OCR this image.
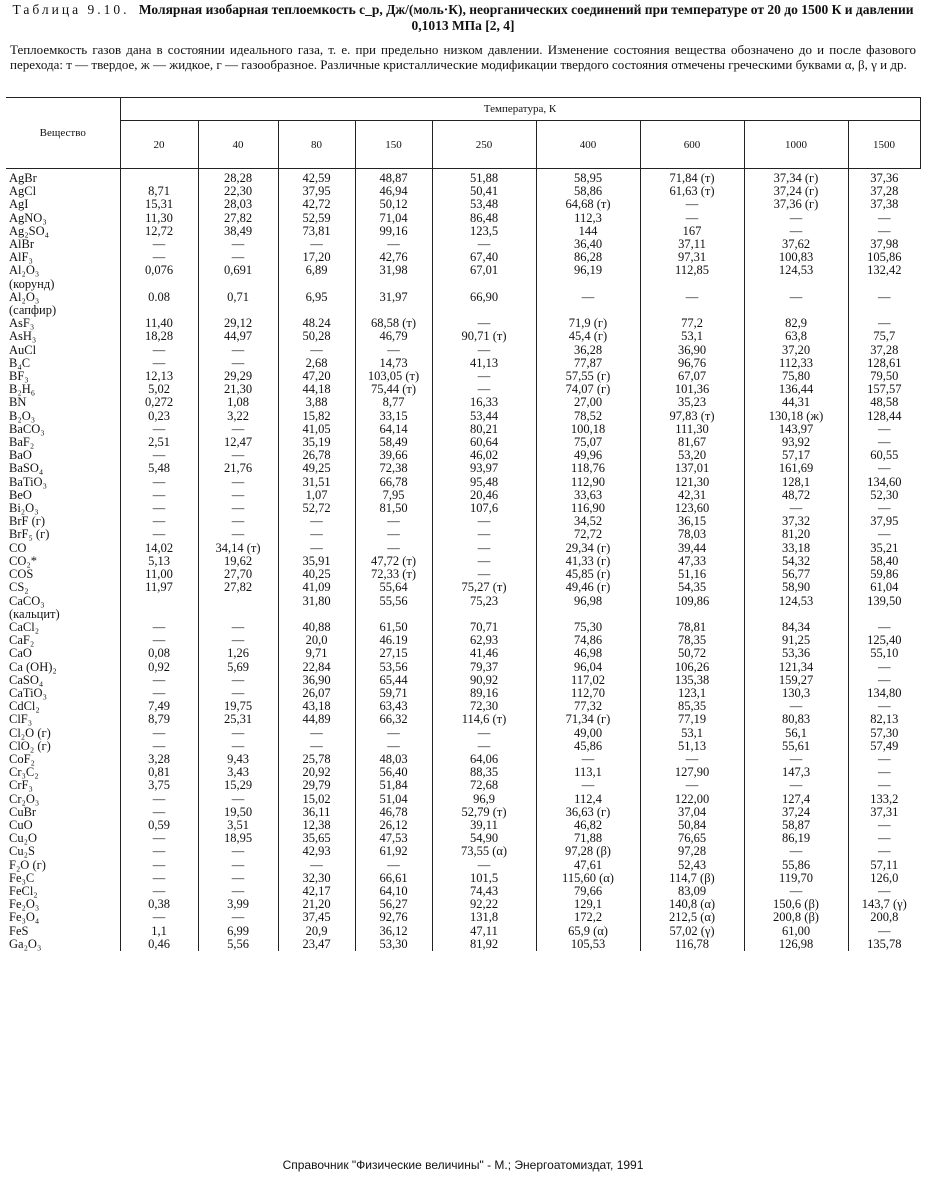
Таблица 9.10. Молярная изобарная теплоемкость c_p, Дж/(моль·К), неорганических соединений при температуре от 20 до 1500 К и давлении 0,1013 МПа [2, 4]
Теплоемкость газов дана в состоянии идеального газа, т. е. при предельно низком давлении. Изменение состояния вещества обозначено до и после фазового перехода: т — твердое, ж — жидкое, г — газообразное. Различные кристаллические модификации твердого состояния отмечены греческими буквами α, β, γ и др.
Вещество	Температура, К								
	20	40	80	150	250	400	600	1000	1500
AgBr		28,28	42,59	48,87	51,88	58,95	71,84 (т)	37,34 (г)	37,36
AgCl	8,71	22,30	37,95	46,94	50,41	58,86	61,63 (т)	37,24 (г)	37,28
AgI	15,31	28,03	42,72	50,12	53,48	64,68 (т)	—	37,36 (г)	37,38
AgNO₃	11,30	27,82	52,59	71,04	86,48	112,3	—	—	—
Ag₂SO₄	12,72	38,49	73,81	99,16	123,5	144	167	—	—
AlBr	—	—	—	—	—	36,40	37,11	37,62	37,98
AlF₃	—	—	17,20	42,76	67,40	86,28	97,31	100,83	105,86
Al₂O₃	0,076	0,691	6,89	31,98	67,01	96,19	112,85	124,53	132,42
(корунд)									
Al₂O₃	0.08	0,71	6,95	31,97	66,90	—	—	—	—
(сапфир)									
AsF₃	11,40	29,12	48.24	68,58 (т)	—	71,9 (г)	77,2	82,9	—
AsH₃	18,28	44,97	50,28	46,79	90,71 (т)	45,4 (г)	53,1	63,8	75,7
AuCl	—	—	—	—	—	36,28	36,90	37,20	37,28
B₄C	—	—	2,68	14,73	41,13	77,87	96,76	112,33	128,61
BF₃	12,13	29,29	47,20	103,05 (т)	—	57,55 (г)	67,07	75,80	79,50
B₂H₆	5,02	21,30	44,18	75,44 (т)	—	74,07 (г)	101,36	136,44	157,57
BN	0,272	1,08	3,88	8,77	16,33	27,00	35,23	44,31	48,58
B₂O₃	0,23	3,22	15,82	33,15	53,44	78,52	97,83 (т)	130,18 (ж)	128,44
BaCO₃	—	—	41,05	64,14	80,21	100,18	111,30	143,97	—
BaF₂	2,51	12,47	35,19	58,49	60,64	75,07	81,67	93,92	—
BaO	—	—	26,78	39,66	46,02	49,96	53,20	57,17	60,55
BaSO₄	5,48	21,76	49,25	72,38	93,97	118,76	137,01	161,69	—
BaTiO₃	—	—	31,51	66,78	95,48	112,90	121,30	128,1	134,60
BeO	—	—	1,07	7,95	20,46	33,63	42,31	48,72	52,30
Bi₂O₃	—	—	52,72	81,50	107,6	116,90	123,60	—	—
BrF (г)	—	—	—	—	—	34,52	36,15	37,32	37,95
BrF₅ (г)	—	—	—	—	—	72,72	78,03	81,20	—
CO	14,02	34,14 (т)	—	—	—	29,34 (г)	39,44	33,18	35,21
CO₂*	5,13	19,62	35,91	47,72 (т)	—	41,33 (г)	47,33	54,32	58,40
COS	11,00	27,70	40,25	72,33 (т)	—	45,85 (г)	51,16	56,77	59,86
CS₂	11,97	27,82	41,09	55,64	75,27 (т)	49,46 (г)	54,35	58,90	61,04
CaCO₃			31,80	55,56	75,23	96,98	109,86	124,53	139,50
(кальцит)									
CaCl₂	—	—	40,88	61,50	70,71	75,30	78,81	84,34	—
CaF₂	—	—	20,0	46.19	62,93	74,86	78,35	91,25	125,40
CaO	0,08	1,26	9,71	27,15	41,46	46,98	50,72	53,36	55,10
Ca (OH)₂	0,92	5,69	22,84	53,56	79,37	96,04	106,26	121,34	—
CaSO₄	—	—	36,90	65,44	90,92	117,02	135,38	159,27	—
CaTiO₃	—	—	26,07	59,71	89,16	112,70	123,1	130,3	134,80
CdCl₂	7,49	19,75	43,18	63,43	72,30	77,32	85,35	—	—
ClF₃	8,79	25,31	44,89	66,32	114,6 (т)	71,34 (г)	77,19	80,83	82,13
Cl₂O (г)	—	—	—	—	—	49,00	53,1	56,1	57,30
ClO₂ (г)	—	—	—	—	—	45,86	51,13	55,61	57,49
CoF₂	3,28	9,43	25,78	48,03	64,06	—	—	—	—
Cr₃C₂	0,81	3,43	20,92	56,40	88,35	113,1	127,90	147,3	—
CrF₃	3,75	15,29	29,79	51,84	72,68	—	—	—	—
Cr₂O₃	—	—	15,02	51,04	96,9	112,4	122,00	127,4	133,2
CuBr	—	19,50	36,11	46,78	52,79 (т)	36,63 (г)	37,04	37,24	37,31
CuO	0,59	3,51	12,38	26,12	39,11	46,82	50,84	58,87	—
Cu₂O	—	18,95	35,65	47,53	54,90	71,88	76,65	86,19	—
Cu₂S	—	—	42,93	61,92	73,55 (α)	97,28 (β)	97,28	—	—
F₂O (г)	—	—	—	—	—	47,61	52,43	55,86	57,11
Fe₃C	—	—	32,30	66,61	101,5	115,60 (α)	114,7 (β)	119,70	126,0
FeCl₂	—	—	42,17	64,10	74,43	79,66	83,09	—	—
Fe₂O₃	0,38	3,99	21,20	56,27	92,22	129,1	140,8 (α)	150,6 (β)	143,7 (γ)
Fe₃O₄	—	—	37,45	92,76	131,8	172,2	212,5 (α)	200,8 (β)	200,8
FeS	1,1	6,99	20,9	36,12	47,11	65,9 (α)	57,02 (γ)	61,00	—
Ga₂O₃	0,46	5,56	23,47	53,30	81,92	105,53	116,78	126,98	135,78
Справочник "Физические величины" - М.; Энергоатомиздат, 1991
